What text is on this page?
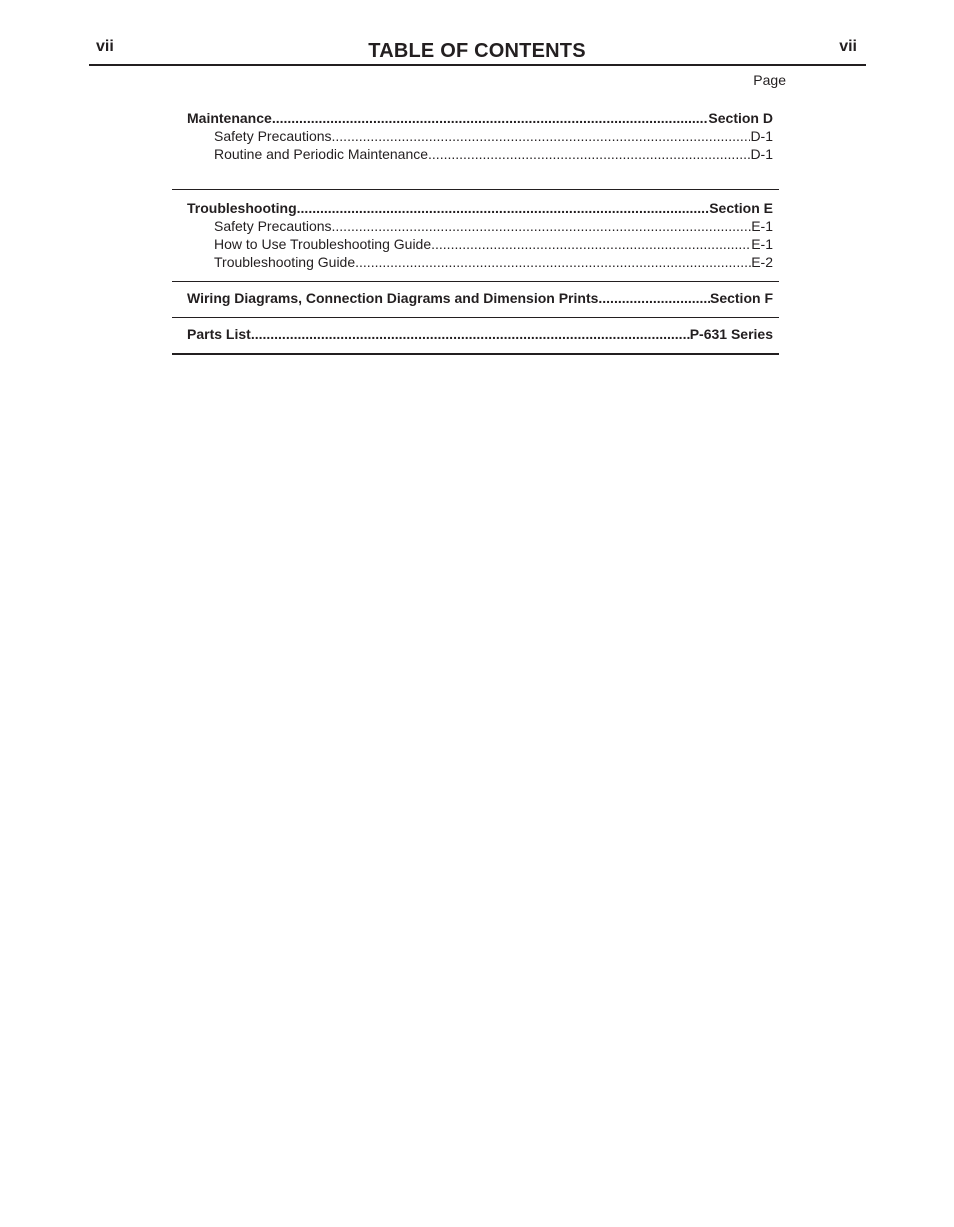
vii	TABLE OF CONTENTS	vii
Page
Maintenance .....	Section D
Safety Precautions .....	D-1
Routine and Periodic Maintenance .....	D-1
Troubleshooting .....	Section E
Safety Precautions .....	E-1
How to Use Troubleshooting Guide .....	E-1
Troubleshooting Guide .....	E-2
Wiring Diagrams, Connection Diagrams and Dimension Prints .....	Section F
Parts List .....	P-631 Series
